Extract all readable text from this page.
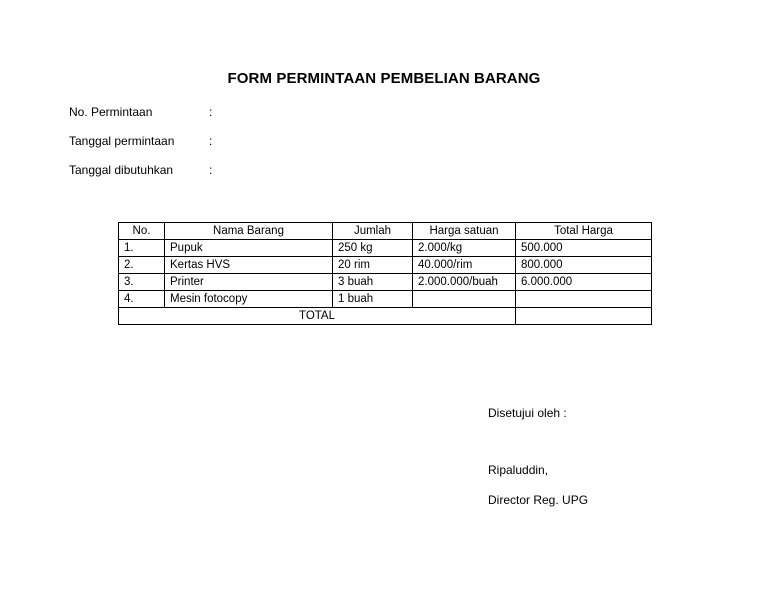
FORM PERMINTAAN PEMBELIAN BARANG
No. Permintaan	:
Tanggal permintaan	:
Tanggal dibutuhkan	:
No.	Nama Barang	Jumlah	Harga satuan	Total Harga
1.	Pupuk	250 kg	2.000/kg	500.000
2.	Kertas HVS	20 rim	40.000/rim	800.000
3.	Printer	3 buah	2.000.000/buah	6.000.000
4.	Mesin fotocopy	1 buah		
TOTAL				
Disetujui oleh :
Ripaluddin,
Director Reg. UPG
